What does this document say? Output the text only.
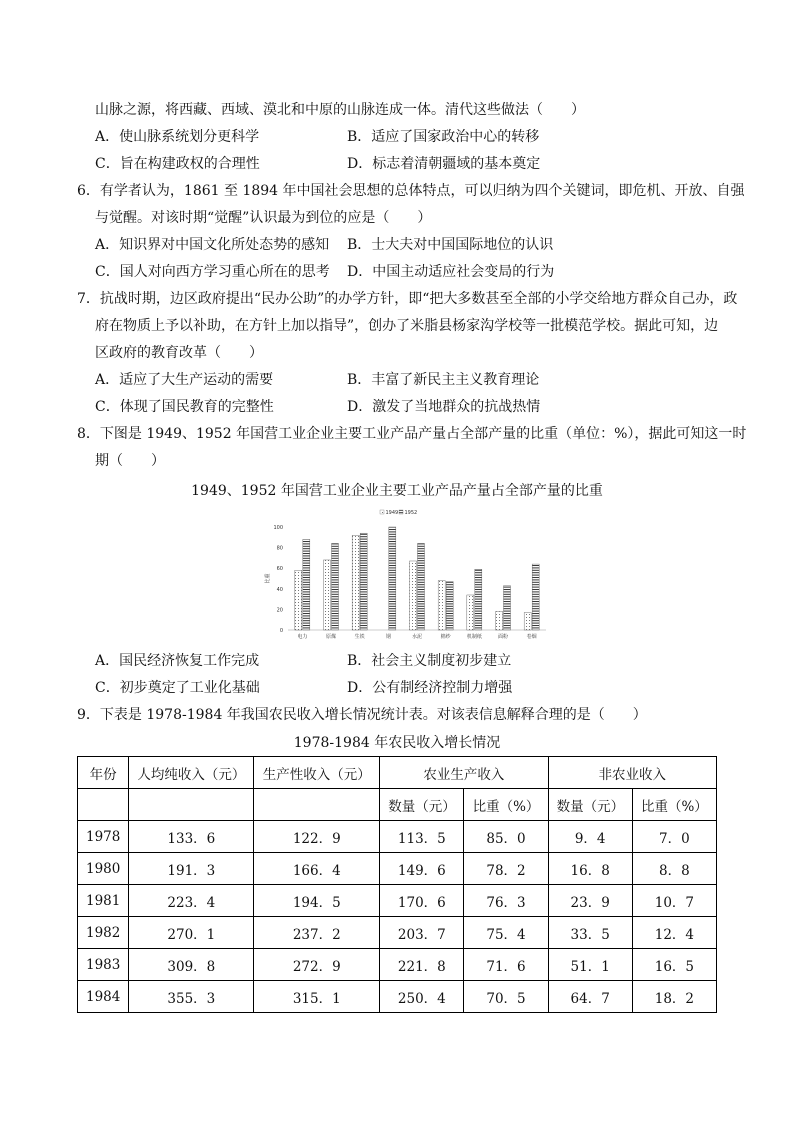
山脉之源，将西藏、西域、漠北和中原的山脉连成一体。清代这些做法（　　）
A．使山脉系统划分更科学	B．适应了国家政治中心的转移
C．旨在构建政权的合理性	D．标志着清朝疆域的基本奠定
6．有学者认为，1861 至 1894 年中国社会思想的总体特点，可以归纳为四个关键词，即危机、开放、自强
与觉醒。对该时期“觉醒”认识最为到位的应是（　　）
A．知识界对中国文化所处态势的感知 B．士大夫对中国国际地位的认识
C．国人对向西方学习重心所在的思考 D．中国主动适应社会变局的行为
7．抗战时期，边区政府提出“民办公助”的办学方针，即“把大多数甚至全部的小学交给地方群众自己办，政
府在物质上予以补助，在方针上加以指导”，创办了米脂县杨家沟学校等一批模范学校。据此可知，边
区政府的教育改革（　　）
A．适应了大生产运动的需要	B．丰富了新民主主义教育理论
C．体现了国民教育的完整性	D．激发了当地群众的抗战热情
8．下图是 1949、1952 年国营工业企业主要工业产品产量占全部产量的比重（单位：%），据此可知这一时
期（　　）
1949、1952 年国营工业企业主要工业产品产量占全部产量的比重
0
20
40
60
80
100
比重
电力	原煤	生铁	钢	水泥	棉纱	机制纸	面粉	卷烟
1949 1952
A．国民经济恢复工作完成	B．社会主义制度初步建立
C．初步奠定了工业化基础	D．公有制经济控制力增强
9．下表是 1978-1984 年我国农民收入增长情况统计表。对该表信息解释合理的是（　　）
1978-1984 年农民收入增长情况
年份	人均纯收入（元）	生产性收入（元）	农业生产收入		非农业收入	
			数量（元）	比重（%）	数量（元）	比重（%）
1978	133．6	122．9	113．5	85．0	9．4	7．0
1980	191．3	166．4	149．6	78．2	16．8	8．8
1981	223．4	194．5	170．6	76．3	23．9	10．7
1982	270．1	237．2	203．7	75．4	33．5	12．4
1983	309．8	272．9	221．8	71．6	51．1	16．5
1984	355．3	315．1	250．4	70．5	64．7	18．2
